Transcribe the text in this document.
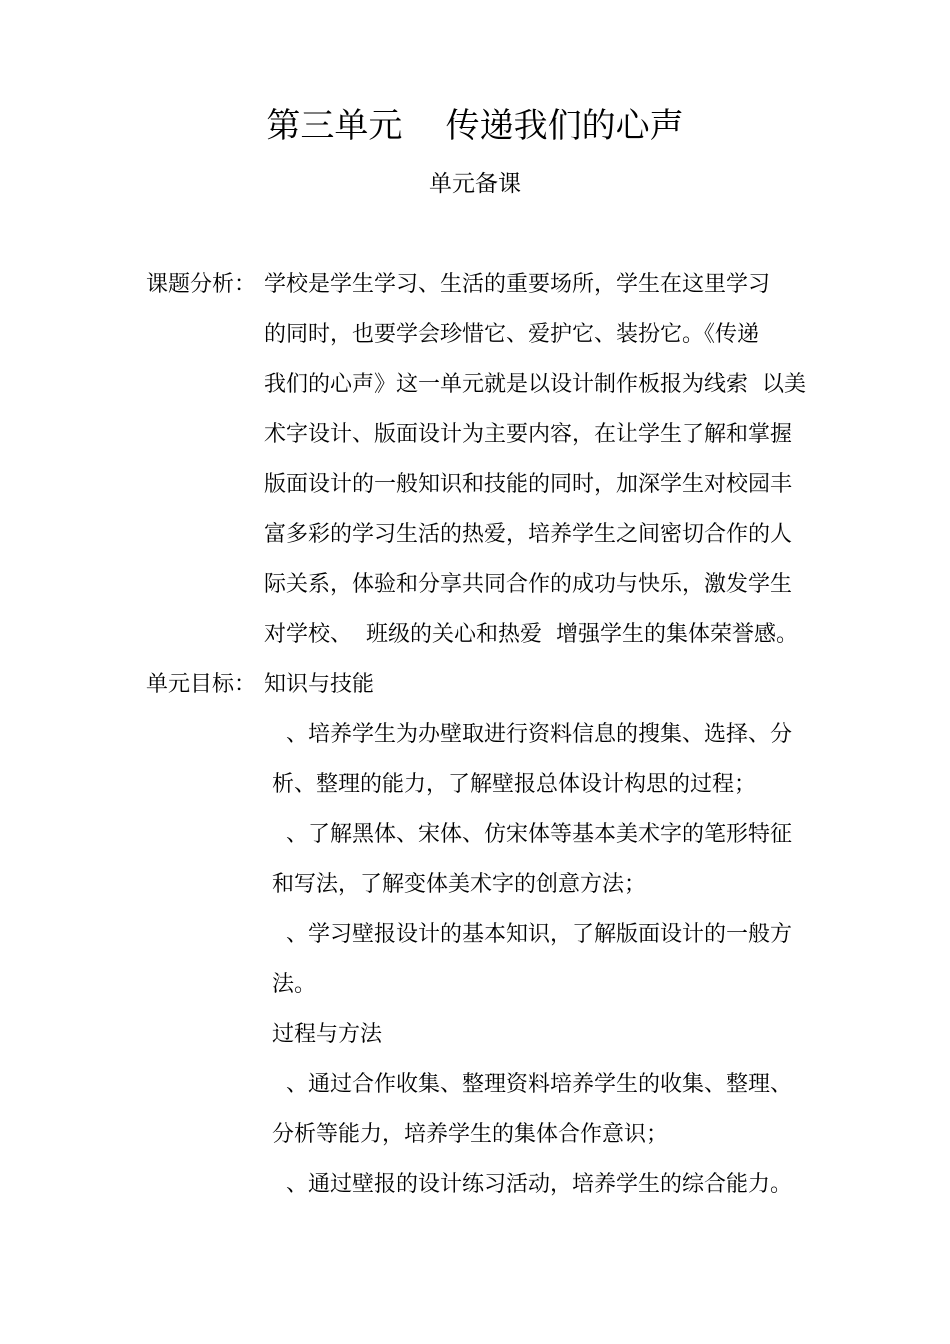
第三单元    传递我们的心声
单元备课
课题分析： 学校是学生学习、生活的重要场所，学生在这里学习
的同时，也要学会珍惜它、爱护它、装扮它。《传递
我们的心声》这一单元就是以设计制作板报为线索  以美
术字设计、版面设计为主要内容，在让学生了解和掌握
版面设计的一般知识和技能的同时，加深学生对校园丰
富多彩的学习生活的热爱，培养学生之间密切合作的人
际关系，体验和分享共同合作的成功与快乐，激发学生
对学校、  班级的关心和热爱  增强学生的集体荣誉感。
单元目标： 知识与技能
、培养学生为办壁取进行资料信息的搜集、选择、分
析、整理的能力，了解壁报总体设计构思的过程；
、了解黑体、宋体、仿宋体等基本美术字的笔形特征
和写法，了解变体美术字的创意方法；
、学习壁报设计的基本知识，了解版面设计的一般方
法。
过程与方法
、通过合作收集、整理资料培养学生的收集、整理、
分析等能力，培养学生的集体合作意识；
、通过壁报的设计练习活动，培养学生的综合能力。
